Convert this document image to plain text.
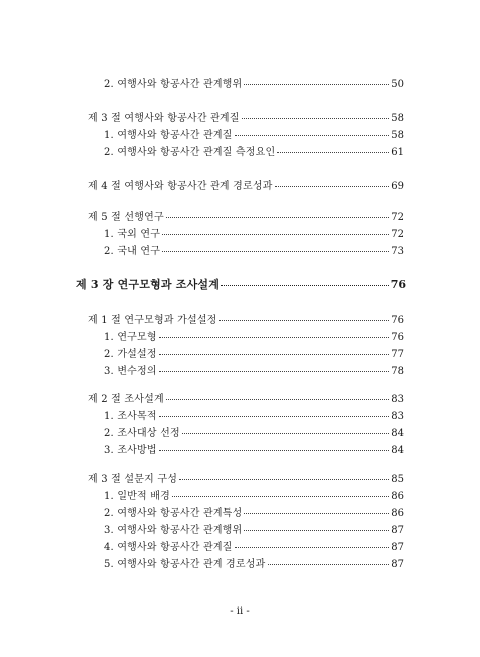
2. 여행사와 항공사간 관계행위	50
제 3 절 여행사와 항공사간 관계질	58
1. 여행사와 항공사간 관계질	58
2. 여행사와 항공사간 관계질 측정요인	61
제 4 절 여행사와 항공사간 관계 경로성과	69
제 5 절 선행연구	72
1. 국외 연구	72
2. 국내 연구	73
제 3 장 연구모형과 조사설계	76
제 1 절 연구모형과 가설설정	76
1. 연구모형	76
2. 가설설정	77
3. 변수정의	78
제 2 절 조사설계	83
1. 조사목적	83
2. 조사대상 선정	84
3. 조사방법	84
제 3 절 설문지 구성	85
1. 일반적 배경	86
2. 여행사와 항공사간 관계특성	86
3. 여행사와 항공사간 관계행위	87
4. 여행사와 항공사간 관계질	87
5. 여행사와 항공사간 관계 경로성과	87
- ii -
